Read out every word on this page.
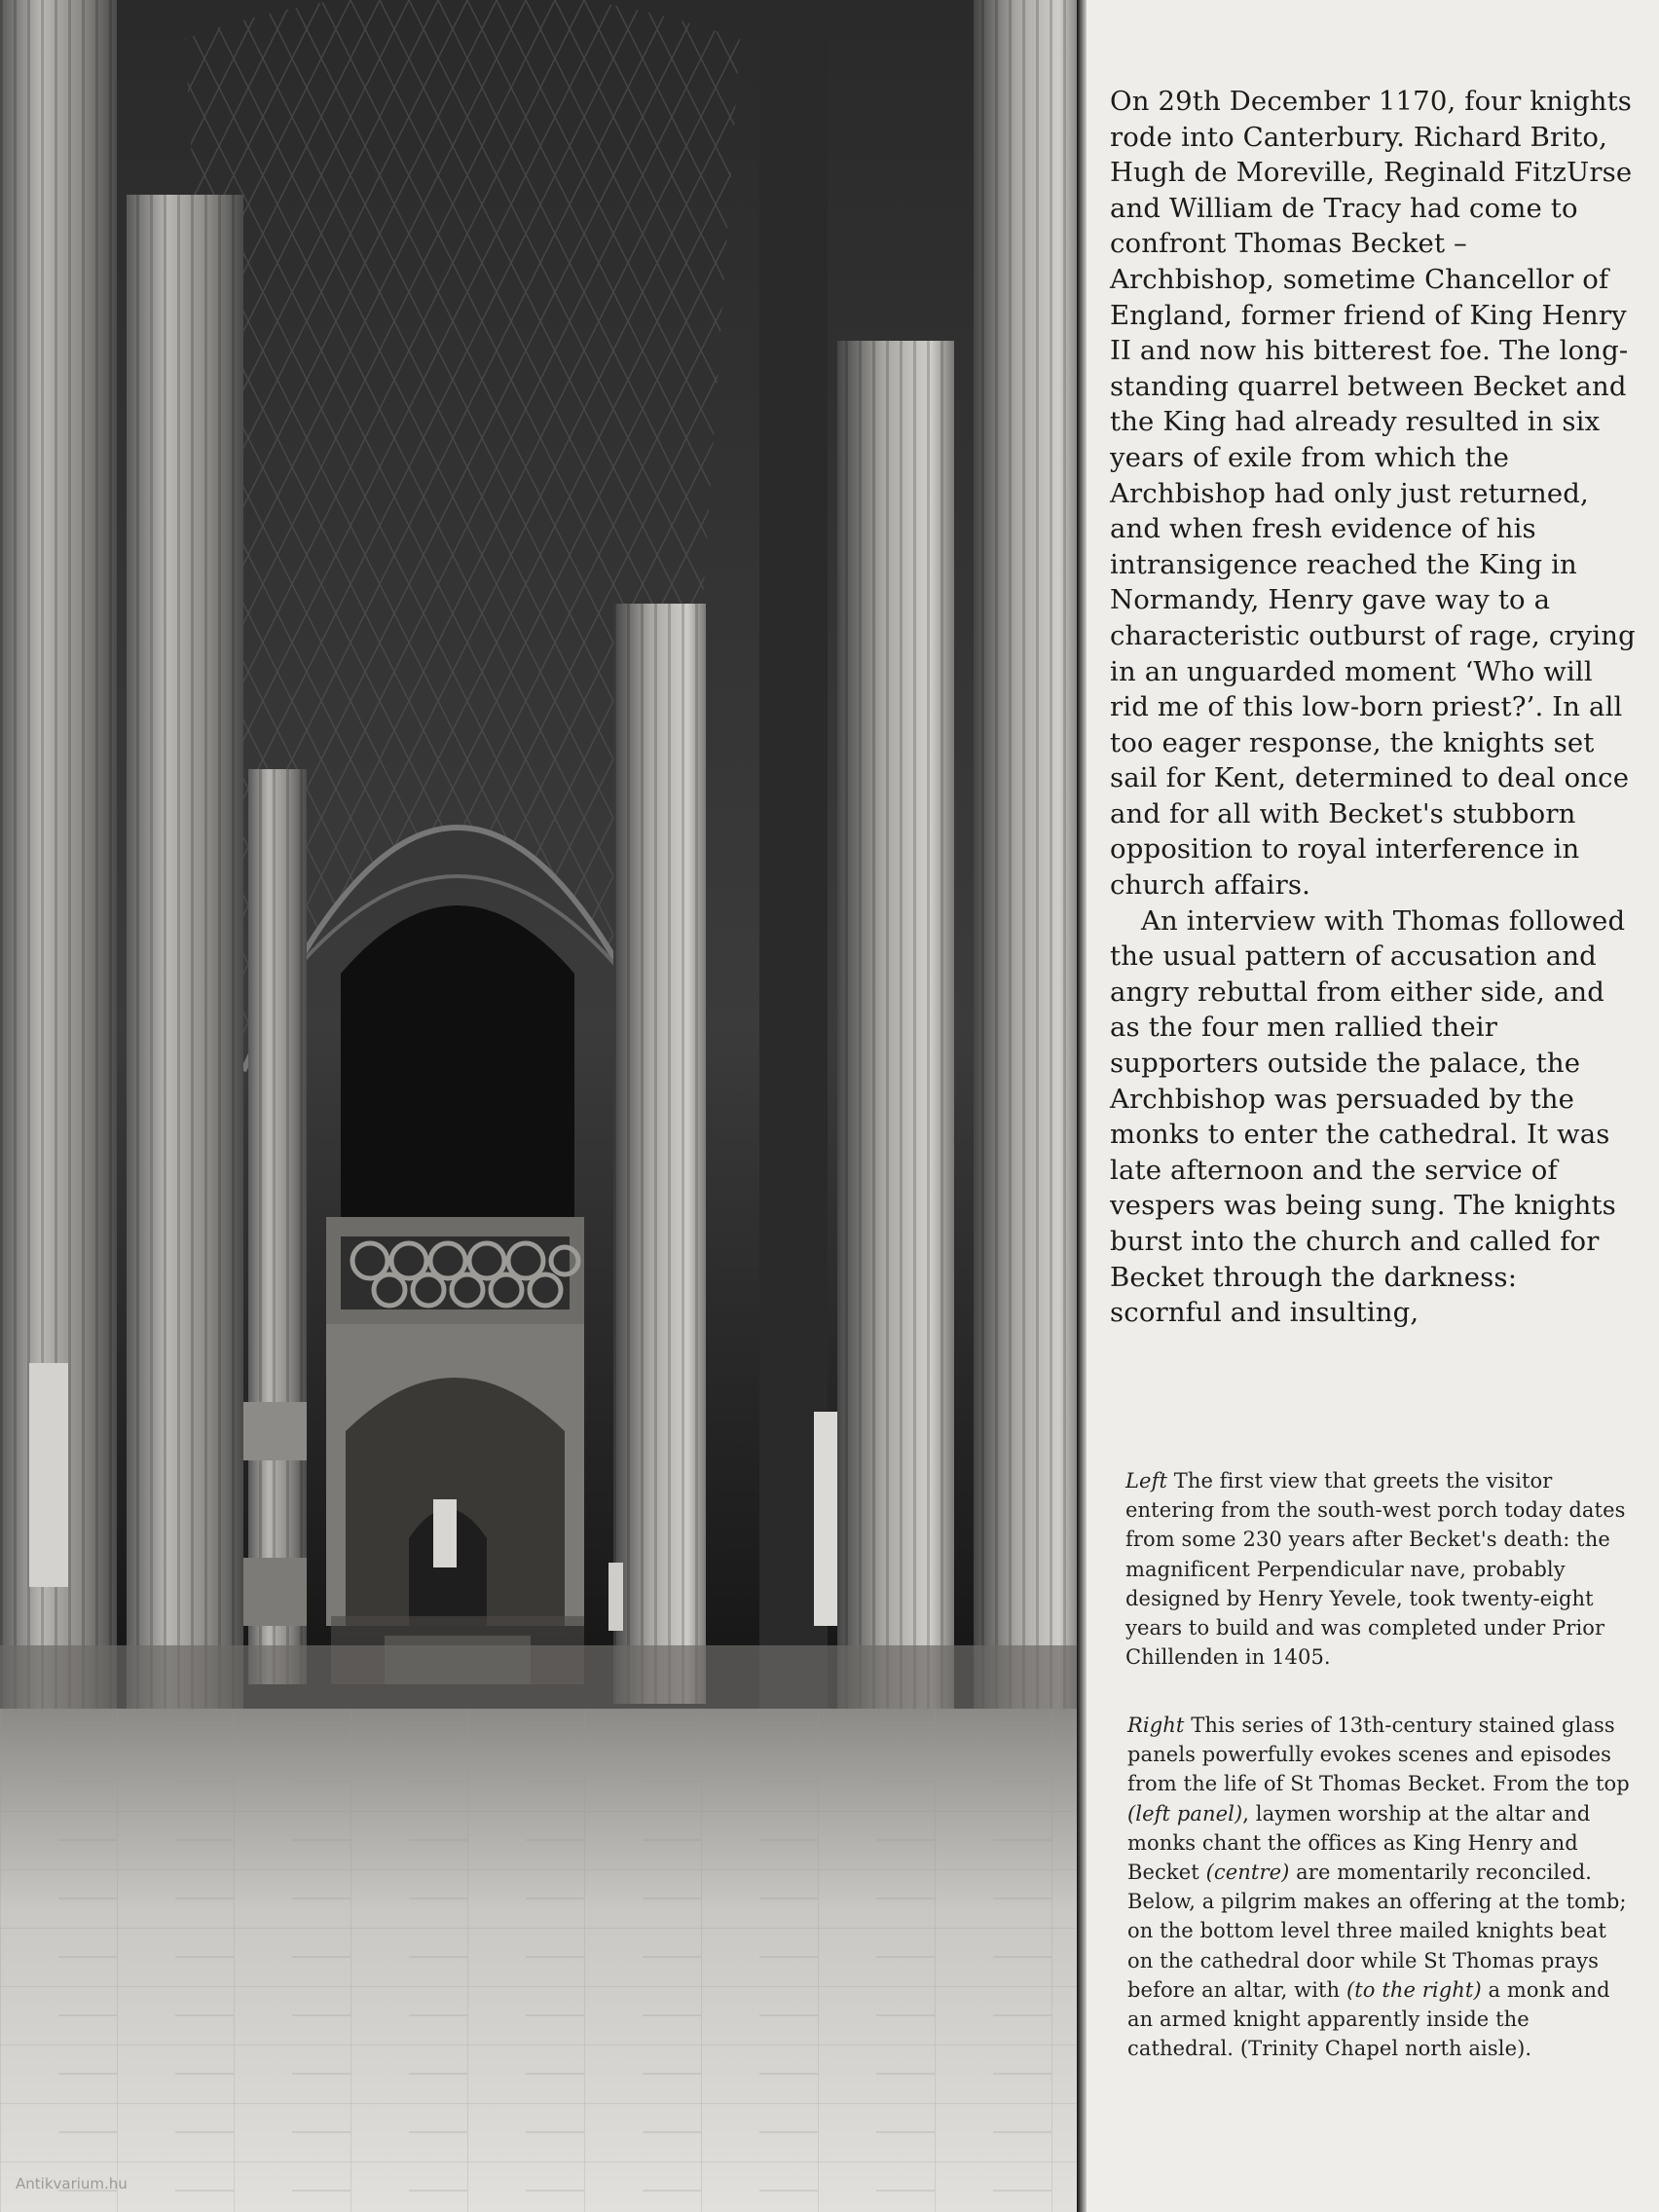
On 29th December 1170, four knights rode into Canterbury. Richard Brito, Hugh de Moreville, Reginald FitzUrse and William de Tracy had come to confront Thomas Becket – Archbishop, sometime Chancellor of England, former friend of King Henry II and now his bitterest foe. The long-standing quarrel between Becket and the King had already resulted in six years of exile from which the Archbishop had only just returned, and when fresh evidence of his intransigence reached the King in Normandy, Henry gave way to a characteristic outburst of rage, crying in an unguarded moment ‘Who will rid me of this low-born priest?’. In all too eager response, the knights set sail for Kent, determined to deal once and for all with Becket's stubborn opposition to royal interference in church affairs.

An interview with Thomas followed the usual pattern of accusation and angry rebuttal from either side, and as the four men rallied their supporters outside the palace, the Archbishop was persuaded by the monks to enter the cathedral. It was late afternoon and the service of vespers was being sung. The knights burst into the church and called for Becket through the darkness: scornful and insulting,

Left The first view that greets the visitor entering from the south-west porch today dates from some 230 years after Becket's death: the magnificent Perpendicular nave, probably designed by Henry Yevele, took twenty-eight years to build and was completed under Prior Chillenden in 1405.
Right This series of 13th-century stained glass panels powerfully evokes scenes and episodes from the life of St Thomas Becket. From the top (left panel), laymen worship at the altar and monks chant the offices as King Henry and Becket (centre) are momentarily reconciled. Below, a pilgrim makes an offering at the tomb; on the bottom level three mailed knights beat on the cathedral door while St Thomas prays before an altar, with (to the right) a monk and an armed knight apparently inside the cathedral. (Trinity Chapel north aisle).
Antikvarium.hu
